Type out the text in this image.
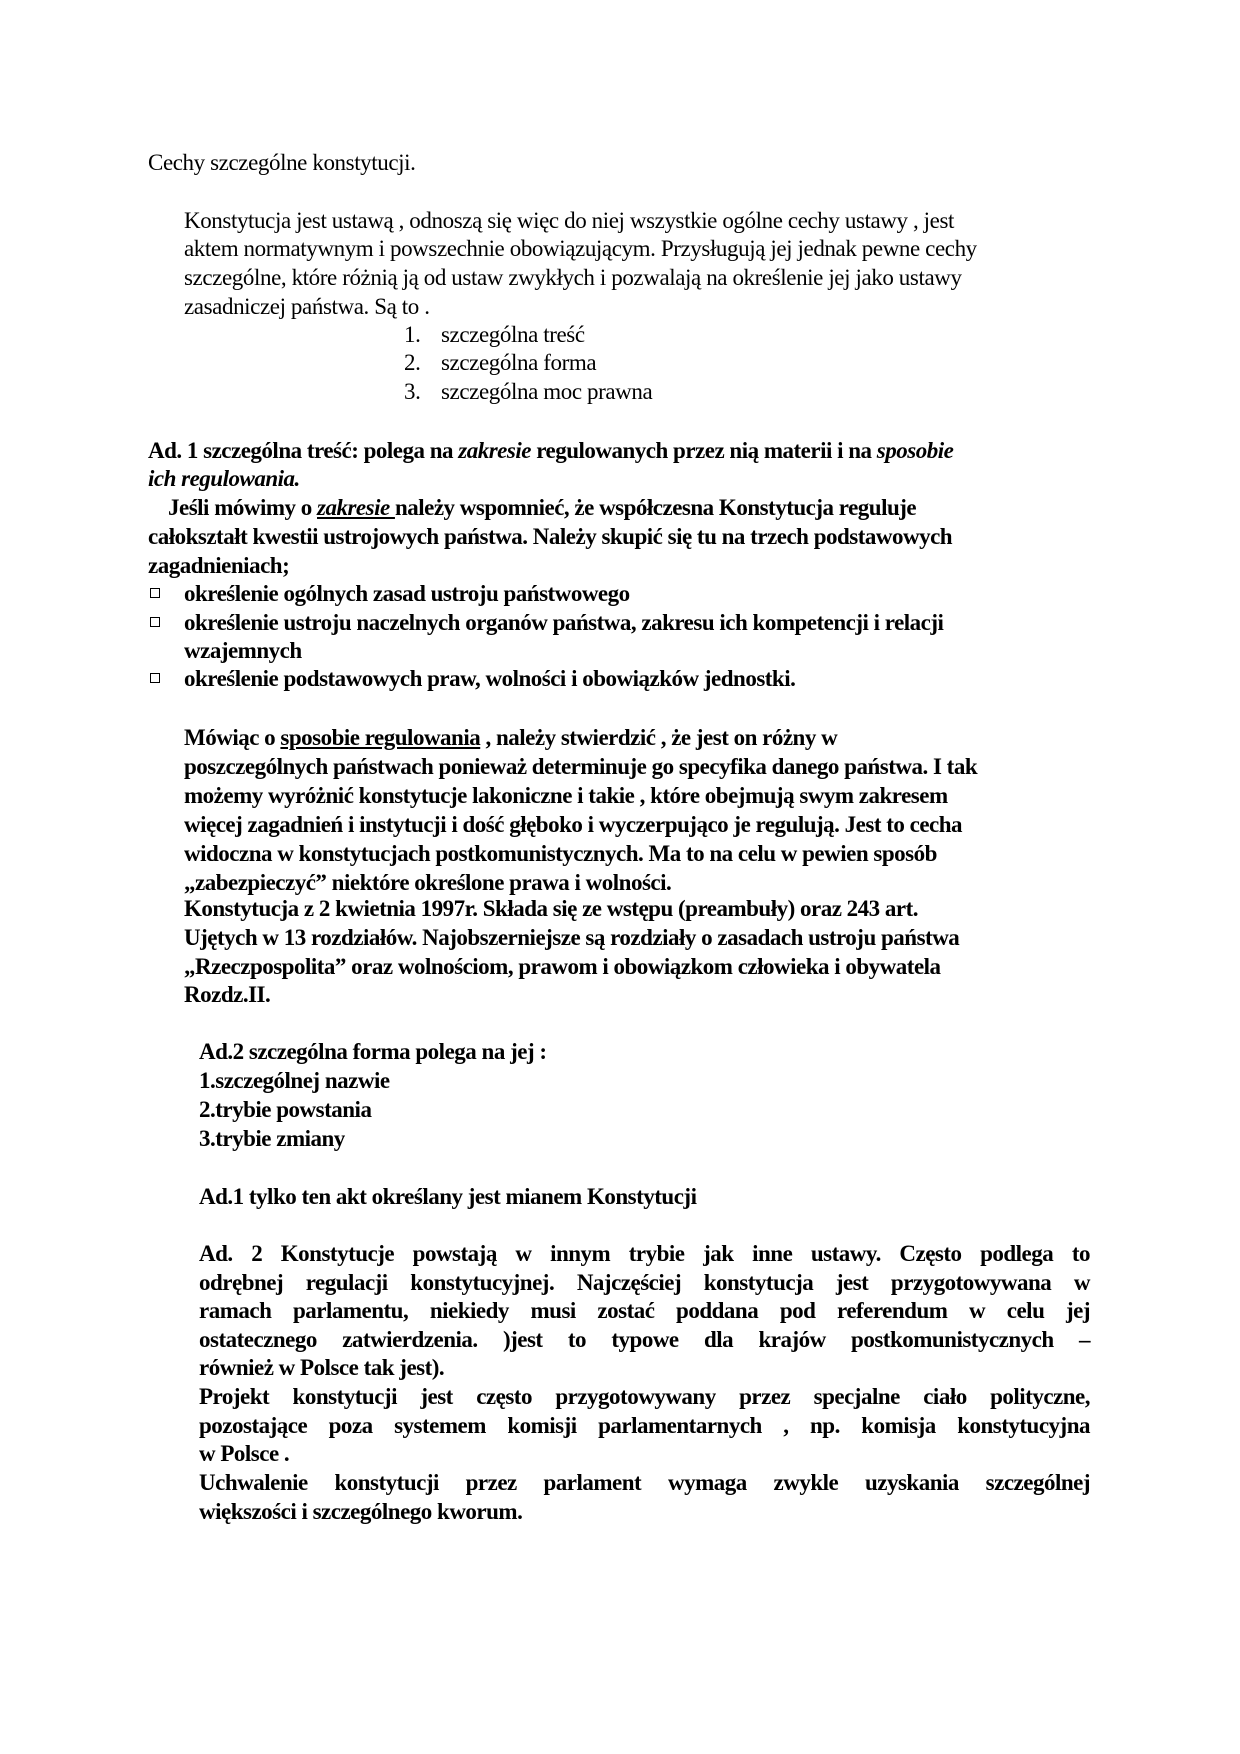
Cechy szczególne konstytucji.
Konstytucja jest ustawą , odnoszą się więc do niej wszystkie ogólne cechy ustawy , jest
aktem normatywnym i powszechnie obowiązującym. Przysługują jej jednak pewne cechy
szczególne, które różnią ją od ustaw zwykłych i pozwalają na określenie jej jako ustawy
zasadniczej państwa. Są to .
1. szczególna treść
2. szczególna forma
3. szczególna moc prawna
Ad. 1 szczególna treść: polega na zakresie regulowanych przez nią materii i na sposobie
ich regulowania.
Jeśli mówimy o zakresie należy wspomnieć, że współczesna Konstytucja reguluje
całokształt kwestii ustrojowych państwa. Należy skupić się tu na trzech podstawowych
zagadnieniach;
określenie ogólnych zasad ustroju państwowego
określenie ustroju naczelnych organów państwa, zakresu ich kompetencji i relacji
wzajemnych
określenie podstawowych praw, wolności i obowiązków jednostki.
Mówiąc o sposobie regulowania , należy stwierdzić , że jest on różny w
poszczególnych państwach ponieważ determinuje go specyfika danego państwa. I tak
możemy wyróżnić konstytucje lakoniczne i takie , które obejmują swym zakresem
więcej zagadnień i instytucji i dość głęboko i wyczerpująco je regulują. Jest to cecha
widoczna w konstytucjach postkomunistycznych. Ma to na celu w pewien sposób
„zabezpieczyć” niektóre określone prawa i wolności.
Konstytucja z 2 kwietnia 1997r. Składa się ze wstępu (preambuły) oraz 243 art.
Ujętych w 13 rozdziałów. Najobszerniejsze są rozdziały o zasadach ustroju państwa
„Rzeczpospolita” oraz wolnościom, prawom i obowiązkom człowieka i obywatela
Rozdz.II.
Ad.2 szczególna forma polega na jej :
1.szczególnej nazwie
2.trybie powstania
3.trybie zmiany
Ad.1 tylko ten akt określany jest mianem Konstytucji
Ad. 2 Konstytucje powstają w innym trybie jak inne ustawy. Często podlega to
odrębnej regulacji konstytucyjnej. Najczęściej konstytucja jest przygotowywana w
ramach parlamentu, niekiedy musi zostać poddana pod referendum w celu jej
ostatecznego zatwierdzenia. )jest to typowe dla krajów postkomunistycznych –
również w Polsce tak jest).
Projekt konstytucji jest często przygotowywany przez specjalne ciało polityczne,
pozostające poza systemem komisji parlamentarnych , np. komisja konstytucyjna
w Polsce .
Uchwalenie konstytucji przez parlament wymaga zwykle uzyskania szczególnej
większości i szczególnego kworum.
